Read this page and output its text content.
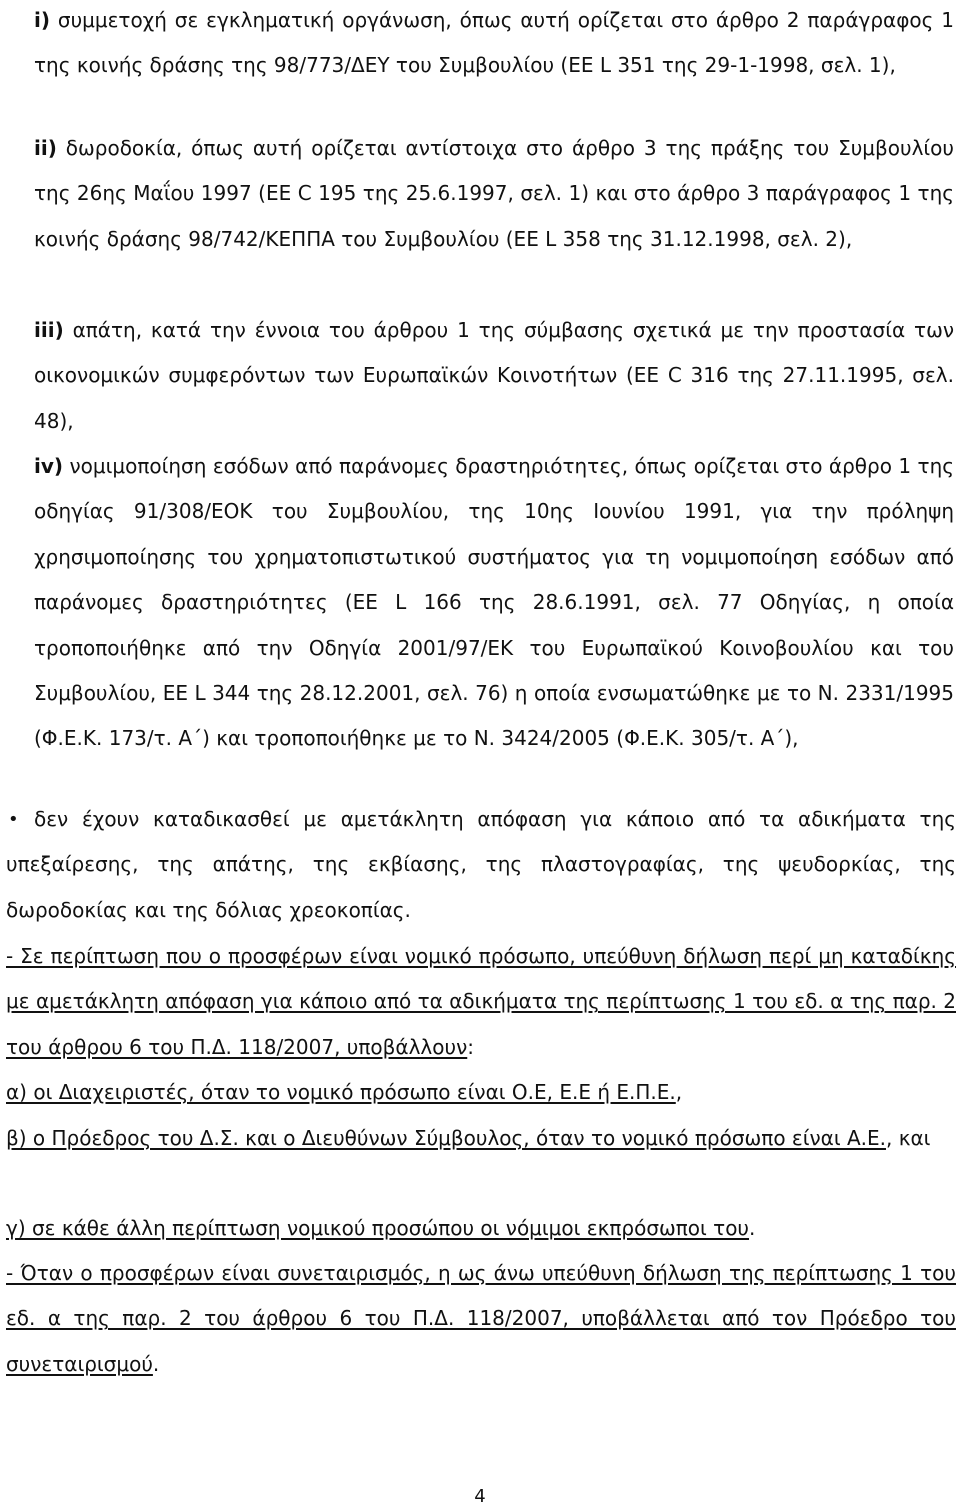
i) συμμετοχή σε εγκληματική οργάνωση, όπως αυτή ορίζεται στο άρθρο 2 παράγραφος 1 της κοινής δράσης της 98/773/ΔΕΥ του Συμβουλίου (ΕΕ L 351 της 29-1-1998, σελ. 1),

ii) δωροδοκία, όπως αυτή ορίζεται αντίστοιχα στο άρθρο 3 της πράξης του Συμβουλίου της 26ης Μαΐου 1997 (ΕΕ C 195 της 25.6.1997, σελ. 1) και στο άρθρο 3 παράγραφος 1 της κοινής δράσης 98/742/ΚΕΠΠΑ του Συμβουλίου (ΕΕ L 358 της 31.12.1998, σελ. 2),

iii) απάτη, κατά την έννοια του άρθρου 1 της σύμβασης σχετικά με την προστασία των οικονομικών συμφερόντων των Ευρωπαϊκών Κοινοτήτων (ΕΕ C 316 της 27.11.1995, σελ. 48),

iv) νομιμοποίηση εσόδων από παράνομες δραστηριότητες, όπως ορίζεται στο άρθρο 1 της οδηγίας 91/308/ΕΟΚ του Συμβουλίου, της 10ης Ιουνίου 1991, για την πρόληψη χρησιμοποίησης του χρηματοπιστωτικού συστήματος για τη νομιμοποίηση εσόδων από παράνομες δραστηριότητες (ΕΕ L 166 της 28.6.1991, σελ. 77 Οδηγίας, η οποία τροποποιήθηκε από την Οδηγία 2001/97/ΕΚ του Ευρωπαϊκού Κοινοβουλίου και του Συμβουλίου, ΕΕ L 344 της 28.12.2001, σελ. 76) η οποία ενσωματώθηκε με το Ν. 2331/1995 (Φ.Ε.Κ. 173/τ. Α΄) και τροποποιήθηκε με το Ν. 3424/2005 (Φ.Ε.Κ. 305/τ. Α΄),

• δεν έχουν καταδικασθεί με αμετάκλητη απόφαση για κάποιο από τα αδικήματα της
υπεξαίρεσης, της απάτης, της εκβίασης, της πλαστογραφίας, της ψευδορκίας, της δωροδοκίας και της δόλιας χρεοκοπίας.

- Σε περίπτωση που ο προσφέρων είναι νομικό πρόσωπο, υπεύθυνη δήλωση περί μη καταδίκης με αμετάκλητη απόφαση για κάποιο από τα αδικήματα της περίπτωσης 1 του εδ. α της παρ. 2 του άρθρου 6 του Π.Δ. 118/2007, υποβάλλουν:

α) οι Διαχειριστές, όταν το νομικό πρόσωπο είναι Ο.Ε, Ε.Ε ή Ε.Π.Ε.,

β) ο Πρόεδρος του Δ.Σ. και ο Διευθύνων Σύμβουλος, όταν το νομικό πρόσωπο είναι Α.Ε., και

γ) σε κάθε άλλη περίπτωση νομικού προσώπου οι νόμιμοι εκπρόσωποι του.

- Όταν ο προσφέρων είναι συνεταιρισμός, η ως άνω υπεύθυνη δήλωση της περίπτωσης 1 του εδ. α της παρ. 2 του άρθρου 6 του Π.Δ. 118/2007, υποβάλλεται από τον Πρόεδρο του συνεταιρισμού.

4
